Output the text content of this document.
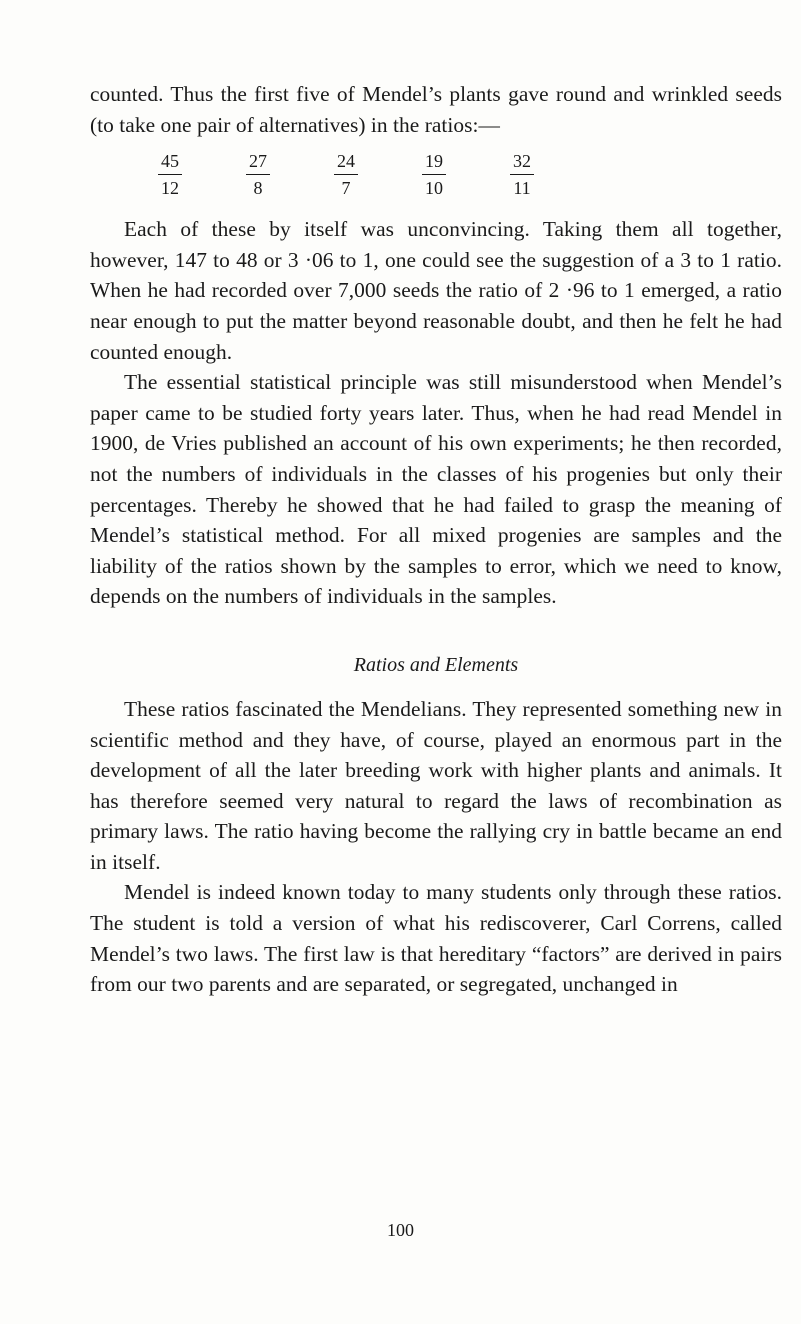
counted. Thus the first five of Mendel’s plants gave round and wrinkled seeds (to take one pair of alternatives) in the ratios:—

$\frac{45}{12}$	$\frac{27}{8}$	$\frac{24}{7}$	$\frac{19}{10}$	$\frac{32}{11}$

Each of these by itself was unconvincing. Taking them all together, however, 147 to 48 or 3 ·06 to 1, one could see the suggestion of a 3 to 1 ratio. When he had recorded over 7,000 seeds the ratio of 2 ·96 to 1 emerged, a ratio near enough to put the matter beyond reasonable doubt, and then he felt he had counted enough.

The essential statistical principle was still misunderstood when Mendel’s paper came to be studied forty years later. Thus, when he had read Mendel in 1900, de Vries published an account of his own experiments; he then recorded, not the numbers of individuals in the classes of his progenies but only their percentages. Thereby he showed that he had failed to grasp the meaning of Mendel’s statistical method. For all mixed progenies are samples and the liability of the ratios shown by the samples to error, which we need to know, depends on the numbers of individuals in the samples.

Ratios and Elements

These ratios fascinated the Mendelians. They represented something new in scientific method and they have, of course, played an enormous part in the development of all the later breeding work with higher plants and animals. It has therefore seemed very natural to regard the laws of recombination as primary laws. The ratio having become the rallying cry in battle became an end in itself.

Mendel is indeed known today to many students only through these ratios. The student is told a version of what his rediscoverer, Carl Correns, called Mendel’s two laws. The first law is that hereditary “factors” are derived in pairs from our two parents and are separated, or segregated, unchanged in

100
